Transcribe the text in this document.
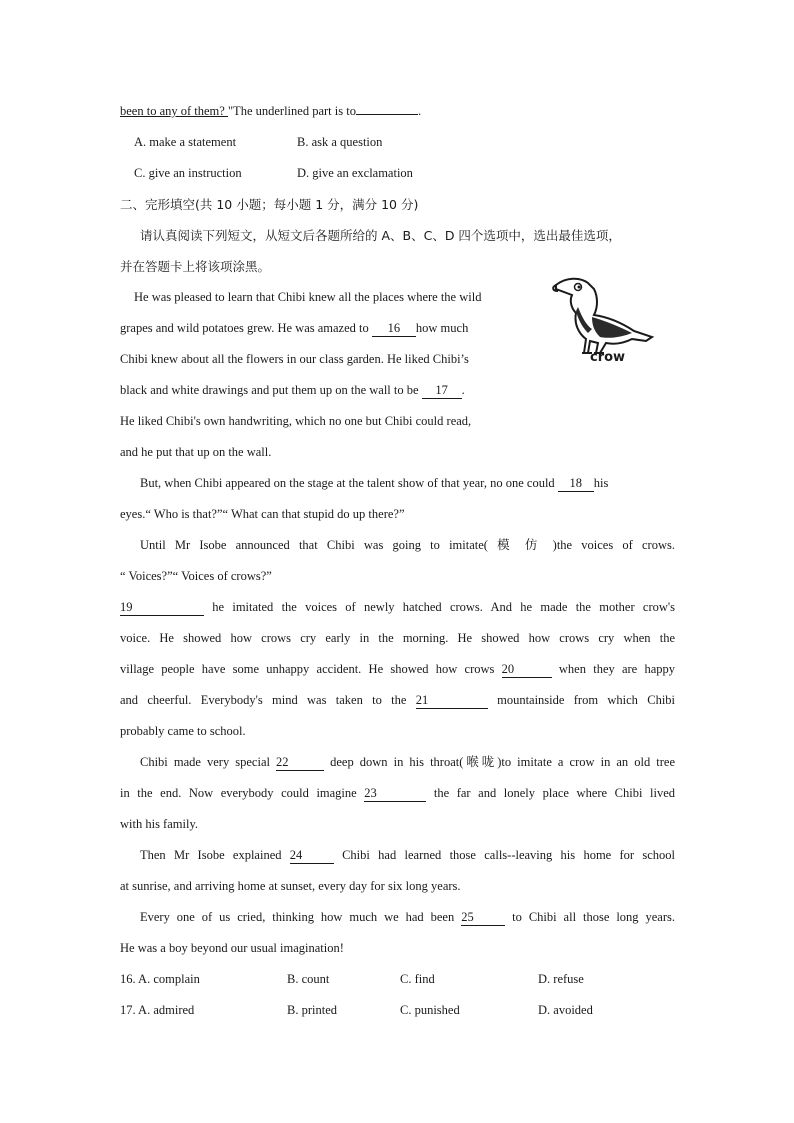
been to any of them? "The underlined part is to	.
A. make a statement	B. ask a question
C. give an instruction	D. give an exclamation
二、完形填空(共 10 小题；每小题 1 分，满分 10 分)
请认真阅读下列短文，从短文后各题所给的 A、B、C、D 四个选项中，选出最佳选项，
并在答题卡上将该项涂黑。
He was pleased to learn that Chibi knew all the places where the wild
grapes and wild potatoes grew. He was amazed to 16 how much
Chibi knew about all the flowers in our class garden. He liked Chibi’s
black and white drawings and put them up on the wall to be 17 .
He liked Chibi's own handwriting, which no one but Chibi could read,
and he put that up on the wall.
But, when Chibi appeared on the stage at the talent show of that year, no one could 18 his
eyes.“ Who is that?”“ What can that stupid do up there?”
Until Mr Isobe announced that Chibi was going to imitate( 模 仿 )the voices of crows.
“ Voices?”“ Voices of crows?”
19	he imitated the voices of newly hatched crows. And he made the mother crow's
voice. He showed how crows cry early in the morning. He showed how crows cry when the
village people have some unhappy accident. He showed how crows 20	when they are happy
and cheerful. Everybody's mind was taken to the 21	mountainside from which Chibi
probably came to school.
Chibi made very special 22	deep down in his throat(喉咙)to imitate a crow in an old tree
in the end. Now everybody could imagine 23	the far and lonely place where Chibi lived
with his family.
Then Mr Isobe explained 24	Chibi had learned those calls--leaving his home for school
at sunrise, and arriving home at sunset, every day for six long years.
Every one of us cried, thinking how much we had been 25	to Chibi all those long years.
He was a boy beyond our usual imagination!
crow
16. A. complain	B. count	C. find	D. refuse
17. A. admired	B. printed	C. punished	D. avoided
